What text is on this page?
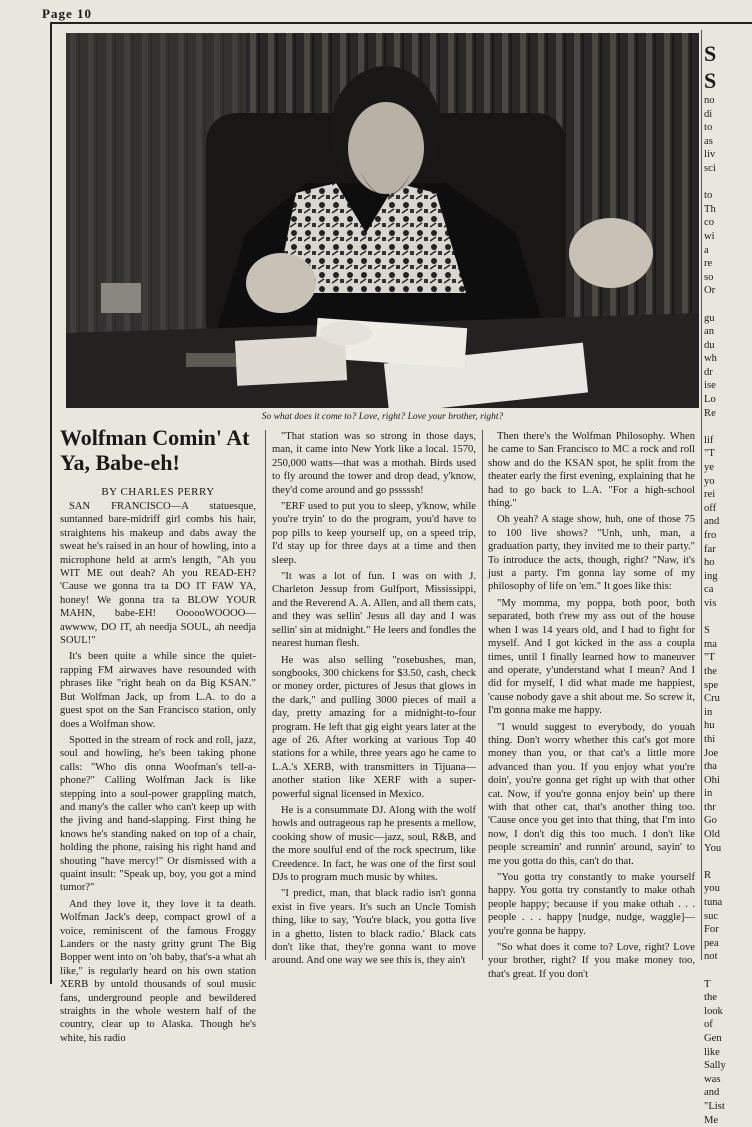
Page 10
So what does it come to? Love, right? Love your brother, right?
Wolfman Comin' At Ya, Babe-eh!
BY CHARLES PERRY

SAN FRANCISCO—A statuesque, suntanned bare-midriff girl combs his hair, straightens his makeup and dabs away the sweat he's raised in an hour of howling, into a microphone held at arm's length, "Ah you WIT ME out deah? Ah you READ-EH? 'Cause we gonna tra ta DO IT FAW YA, honey! We gonna tra ta BLOW YOUR MAHN, babe-EH! OooooWOOOO—awwww, DO IT, ah needja SOUL, ah needja SOUL!"

It's been quite a while since the quiet-rapping FM airwaves have resounded with phrases like "right heah on da Big KSAN." But Wolfman Jack, up from L.A. to do a guest spot on the San Francisco station, only does a Wolfman show.

Spotted in the stream of rock and roll, jazz, soul and howling, he's been taking phone calls: "Who dis onna Woofman's tell-a-phone?" Calling Wolfman Jack is like stepping into a soul-power grappling match, and many's the caller who can't keep up with the jiving and hand-slapping. First thing he knows he's standing naked on top of a chair, holding the phone, raising his right hand and shouting "have mercy!" Or dismissed with a quaint insult: "Speak up, boy, you got a mind tumor?"

And they love it, they love it ta death. Wolfman Jack's deep, compact growl of a voice, reminiscent of the famous Froggy Landers or the nasty gritty grunt The Big Bopper went into on 'oh baby, that's-a what ah like," is regularly heard on his own station XERB by untold thousands of soul music fans, underground people and bewildered straights in the whole western half of the country, clear up to Alaska. Though he's white, his radio

"That station was so strong in those days, man, it came into New York like a local. 1570, 250,000 watts—that was a mothah. Birds used to fly around the tower and drop dead, y'know, they'd come around and go psssssh!

"ERF used to put you to sleep, y'know, while you're tryin' to do the program, you'd have to pop pills to keep yourself up, on a speed trip, I'd stay up for three days at a time and then sleep.

"It was a lot of fun. I was on with J. Charleton Jessup from Gulfport, Mississippi, and the Reverend A. A. Allen, and all them cats, and they was sellin' Jesus all day and I was sellin' sin at midnight." He leers and fondles the nearest human flesh.

He was also selling "rosebushes, man, songbooks, 300 chickens for $3.50, cash, check or money order, pictures of Jesus that glows in the dark," and pulling 3000 pieces of mail a day, pretty amazing for a midnight-to-four program. He left that gig eight years later at the age of 26. After working at various Top 40 stations for a while, three years ago he came to L.A.'s XERB, with transmitters in Tijuana—another station like XERF with a super-powerful signal licensed in Mexico.

He is a consummate DJ. Along with the wolf howls and outrageous rap he presents a mellow, cooking show of music—jazz, soul, R&B, and the more soulful end of the rock spectrum, like Creedence. In fact, he was one of the first soul DJs to program much music by whites.

"I predict, man, that black radio isn't gonna exist in five years. It's such an Uncle Tomish thing, like to say, 'You're black, you gotta live in a ghetto, listen to black radio.' Black cats don't like that, they're gonna want to move around. And one way we see this is, they ain't

Then there's the Wolfman Philosophy. When he came to San Francisco to MC a rock and roll show and do the KSAN spot, he split from the theater early the first evening, explaining that he had to go back to L.A. "For a high-school thing."

Oh yeah? A stage show, huh, one of those 75 to 100 live shows? "Unh, unh, man, a graduation party, they invited me to their party." To introduce the acts, though, right? "Naw, it's just a party. I'm gonna lay some of my philosophy of life on 'em." It goes like this:

"My momma, my poppa, both poor, both separated, both t'rew my ass out of the house when I was 14 years old, and I had to fight for myself. And I got kicked in the ass a coupla times, until I finally learned how to maneuver and operate, y'understand what I mean? And I did for myself, I did what made me happiest, 'cause nobody gave a shit about me. So screw it, I'm gonna make me happy.

"I would suggest to everybody, do youah thing. Don't worry whether this cat's got more money than you, or that cat's a little more advanced than you. If you enjoy what you're doin', you're gonna get right up with that other cat. Now, if you're gonna enjoy bein' up there with that other cat, that's another thing too. 'Cause once you get into that thing, that I'm into now, I don't dig this too much. I don't like people screamin' and runnin' around, sayin' to me you gotta do this, can't do that.

"You gotta try constantly to make yourself happy. You gotta try constantly to make othah people happy; because if you make othah . . . people . . . happy [nudge, nudge, waggle]—you're gonna be happy.

"So what does it come to? Love, right? Love your brother, right? If you make money too, that's great. If you don't

S
S
no
di
to
as
liv
sci

to
Th
co
wi
a
re
so
Or

gu
an
du
wh
dr
ise
Lo
Re

lif
"T
ye
yo
rei
off
and
fro
far
ho
ing
ca
vis

S
ma
"T
the
spe
Cru
in
hu
thi
Joe
tha
Ohi
in
thr
Go
Old
You

R
you
tuna
suc
For
pea
not

T
the
look
of
Gen
like
Sally
was
and
"List
Me
